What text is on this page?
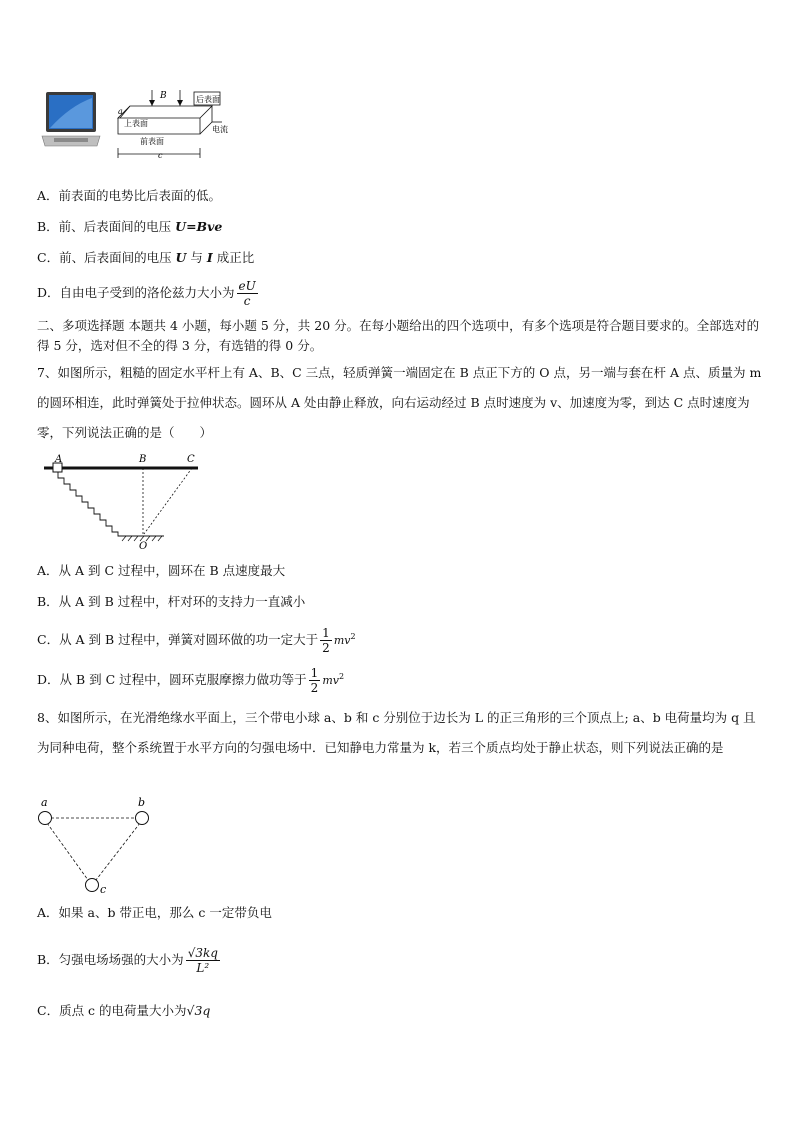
后表面
上表面
前表面
电流
a
B
c
A．前表面的电势比后表面的低。
B．前、后表面间的电压 U=Bve
C．前、后表面间的电压 U 与 I 成正比
D．自由电子受到的洛伦兹力大小为 $\frac{eU}{c}$
二、多项选择题 本题共 4 小题，每小题 5 分，共 20 分。在每小题给出的四个选项中，有多个选项是符合题目要求的。全部选对的得 5 分，选对但不全的得 3 分，有选错的得 0 分。
7、如图所示，粗糙的固定水平杆上有 A、B、C 三点，轻质弹簧一端固定在 B 点正下方的 O 点，另一端与套在杆 A 点、质量为 m 的圆环相连，此时弹簧处于拉伸状态。圆环从 A 处由静止释放，向右运动经过 B 点时速度为 v、加速度为零，到达 C 点时速度为零，下列说法正确的是（　　）
A	B	C
O
A．从 A 到 C 过程中，圆环在 B 点速度最大
B．从 A 到 B 过程中，杆对环的支持力一直减小
C．从 A 到 B 过程中，弹簧对圆环做的功一定大于 $\frac{1}{2} mv^2$
D．从 B 到 C 过程中，圆环克服摩擦力做功等于 $\frac{1}{2} mv^2$
8、如图所示，在光滑绝缘水平面上，三个带电小球 a、b 和 c 分别位于边长为 L 的正三角形的三个顶点上; a、b 电荷量均为 q 且为同种电荷，整个系统置于水平方向的匀强电场中．已知静电力常量为 k，若三个质点均处于静止状态，则下列说法正确的是
a	b
c
A．如果 a、b 带正电，那么 c 一定带负电
B．匀强电场场强的大小为 $\frac{√3kq}{\text{L²}}$
C．质点 c 的电荷量大小为√3q
